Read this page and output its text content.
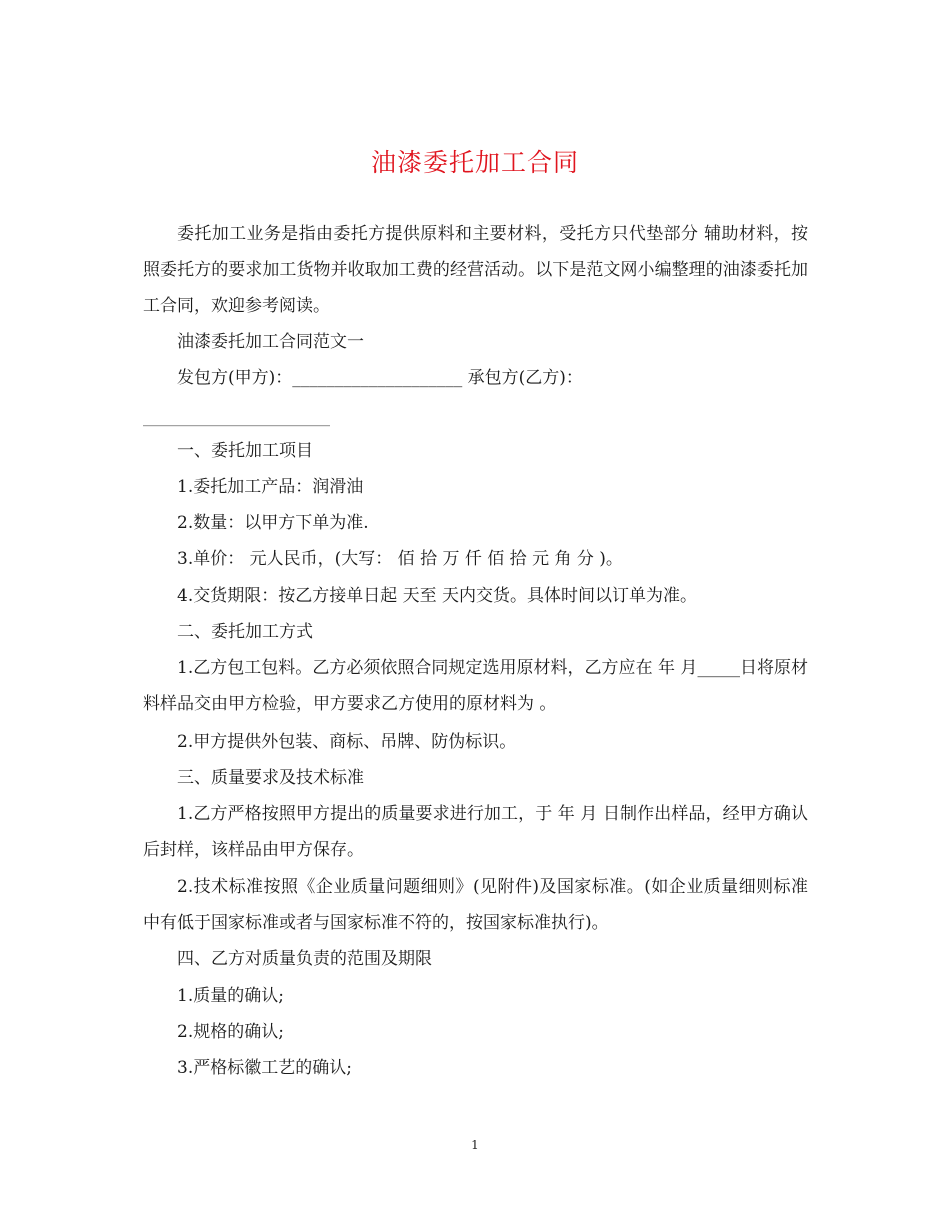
油漆委托加工合同

委托加工业务是指由委托方提供原料和主要材料，受托方只代垫部分 辅助材料，按照委托方的要求加工货物并收取加工费的经营活动。以下是范文网小编整理的油漆委托加工合同，欢迎参考阅读。

油漆委托加工合同范文一
发包方(甲方)：____________________ 承包方(乙方)：
______________________
一、委托加工项目
1.委托加工产品：润滑油
2.数量：以甲方下单为准.
3.单价： 元人民币，(大写： 佰 拾 万 仟 佰 拾 元 角 分 )。
4.交货期限：按乙方接单日起 天至 天内交货。具体时间以订单为准。
二、委托加工方式

1.乙方包工包料。乙方必须依照合同规定选用原材料，乙方应在 年 月_____日将原材料样品交由甲方检验，甲方要求乙方使用的原材料为 。

2.甲方提供外包装、商标、吊牌、防伪标识。
三、质量要求及技术标准

1.乙方严格按照甲方提出的质量要求进行加工，于 年 月 日制作出样品，经甲方确认后封样，该样品由甲方保存。

2.技术标准按照《企业质量问题细则》(见附件)及国家标准。(如企业质量细则标准中有低于国家标准或者与国家标准不符的，按国家标准执行)。

四、乙方对质量负责的范围及期限
1.质量的确认;
2.规格的确认;
3.严格标徽工艺的确认;
1
